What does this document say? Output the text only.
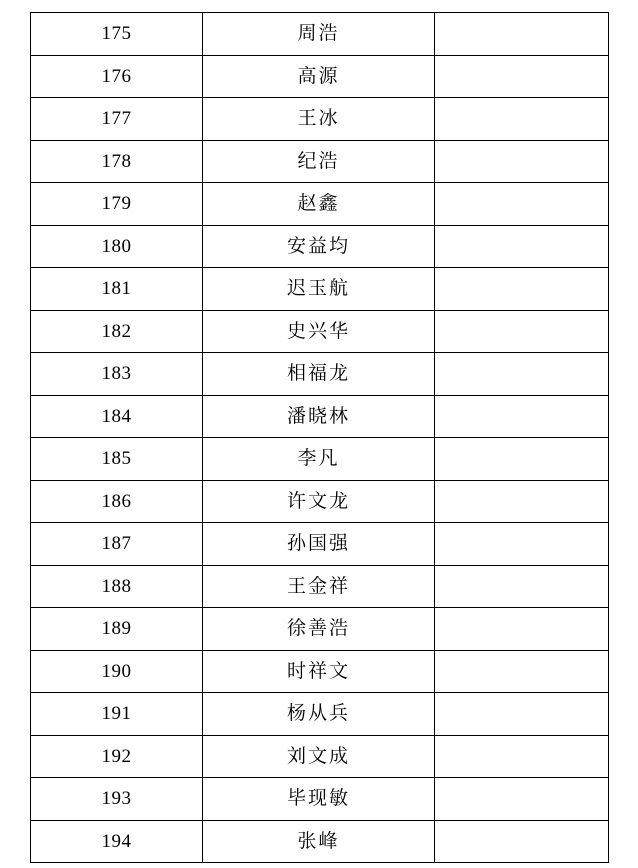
175	周浩	
176	高源	
177	王冰	
178	纪浩	
179	赵鑫	
180	安益均	
181	迟玉航	
182	史兴华	
183	相福龙	
184	潘晓林	
185	李凡	
186	许文龙	
187	孙国强	
188	王金祥	
189	徐善浩	
190	时祥文	
191	杨从兵	
192	刘文成	
193	毕现敏	
194	张峰	
